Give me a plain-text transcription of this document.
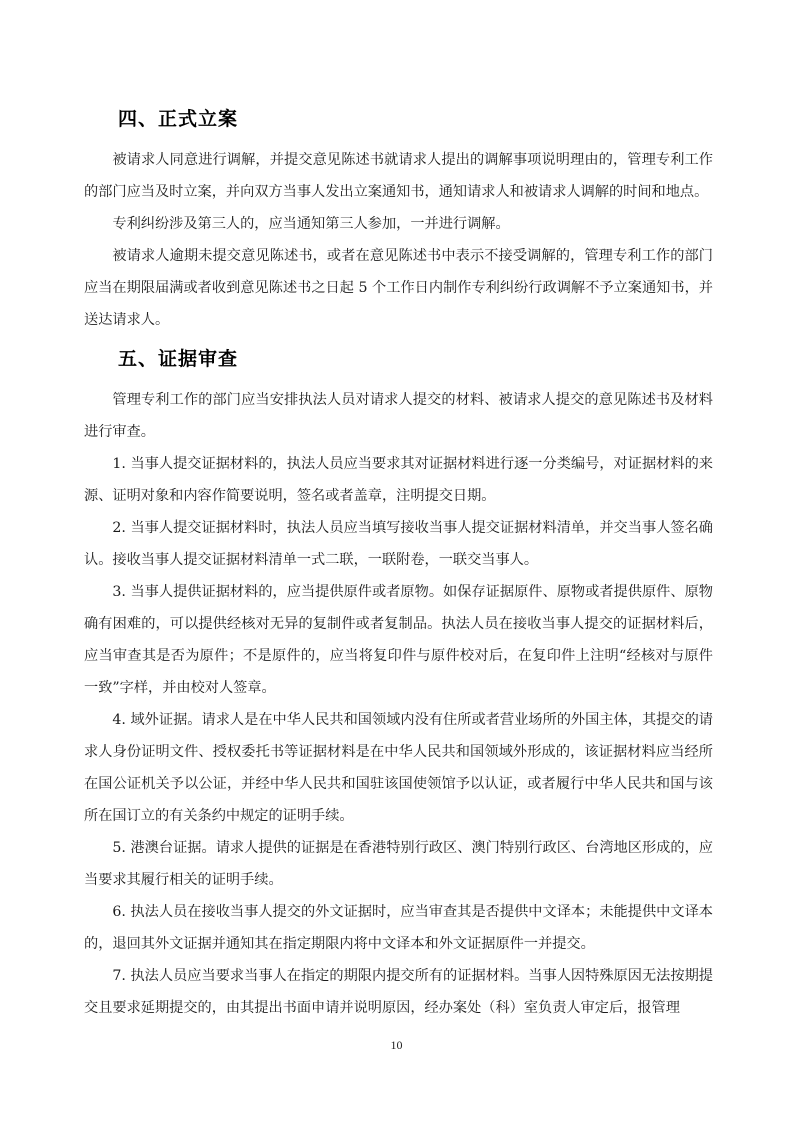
四、正式立案

被请求人同意进行调解，并提交意见陈述书就请求人提出的调解事项说明理由的，管理专利工作的部门应当及时立案，并向双方当事人发出立案通知书，通知请求人和被请求人调解的时间和地点。

专利纠纷涉及第三人的，应当通知第三人参加，一并进行调解。

被请求人逾期未提交意见陈述书，或者在意见陈述书中表示不接受调解的，管理专利工作的部门应当在期限届满或者收到意见陈述书之日起 5 个工作日内制作专利纠纷行政调解不予立案通知书，并送达请求人。

五、证据审查

管理专利工作的部门应当安排执法人员对请求人提交的材料、被请求人提交的意见陈述书及材料进行审查。

1. 当事人提交证据材料的，执法人员应当要求其对证据材料进行逐一分类编号，对证据材料的来源、证明对象和内容作简要说明，签名或者盖章，注明提交日期。

2. 当事人提交证据材料时，执法人员应当填写接收当事人提交证据材料清单，并交当事人签名确认。接收当事人提交证据材料清单一式二联，一联附卷，一联交当事人。

3. 当事人提供证据材料的，应当提供原件或者原物。如保存证据原件、原物或者提供原件、原物确有困难的，可以提供经核对无异的复制件或者复制品。执法人员在接收当事人提交的证据材料后，应当审查其是否为原件；不是原件的，应当将复印件与原件校对后，在复印件上注明“经核对与原件一致”字样，并由校对人签章。

4. 域外证据。请求人是在中华人民共和国领域内没有住所或者营业场所的外国主体，其提交的请求人身份证明文件、授权委托书等证据材料是在中华人民共和国领域外形成的，该证据材料应当经所在国公证机关予以公证，并经中华人民共和国驻该国使领馆予以认证，或者履行中华人民共和国与该所在国订立的有关条约中规定的证明手续。

5. 港澳台证据。请求人提供的证据是在香港特别行政区、澳门特别行政区、台湾地区形成的，应当要求其履行相关的证明手续。

6. 执法人员在接收当事人提交的外文证据时，应当审查其是否提供中文译本；未能提供中文译本的，退回其外文证据并通知其在指定期限内将中文译本和外文证据原件一并提交。

7. 执法人员应当要求当事人在指定的期限内提交所有的证据材料。当事人因特殊原因无法按期提交且要求延期提交的，由其提出书面申请并说明原因，经办案处（科）室负责人审定后，报管理

10
